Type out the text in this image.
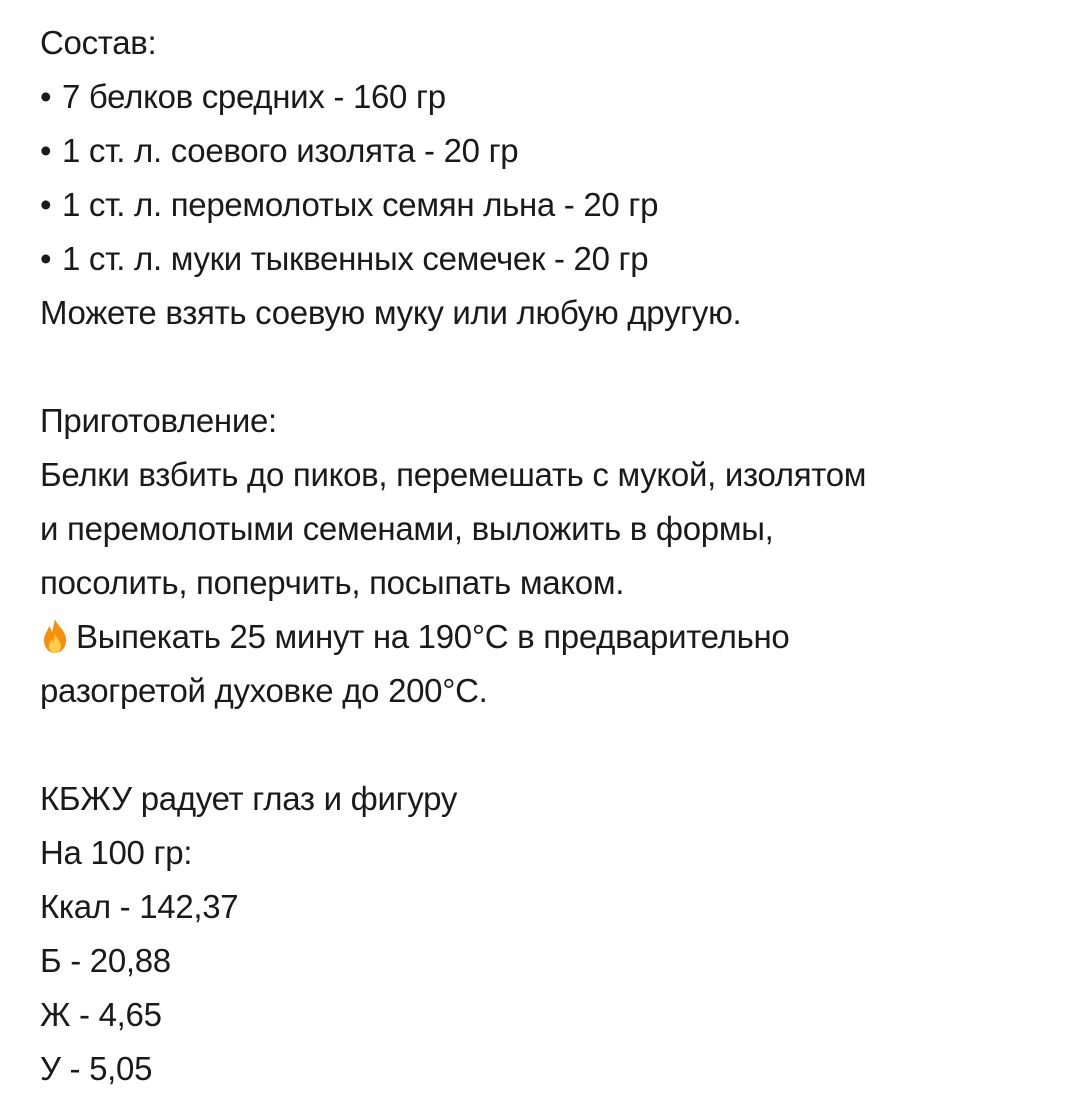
Состав:
• 7 белков средних - 160 гр
• 1 ст. л. соевого изолята - 20 гр
• 1 ст. л. перемолотых семян льна - 20 гр
• 1 ст. л. муки тыквенных семечек - 20 гр
Можете взять соевую муку или любую другую.
Приготовление:
Белки взбить до пиков, перемешать с мукой, изолятом
и перемолотыми семенами, выложить в формы,
посолить, поперчить, посыпать маком.
Выпекать 25 минут на 190°С в предварительно
разогретой духовке до 200°С.
КБЖУ радует глаз и фигуру
На 100 гр:
Ккал - 142,37
Б - 20,88
Ж - 4,65
У - 5,05
